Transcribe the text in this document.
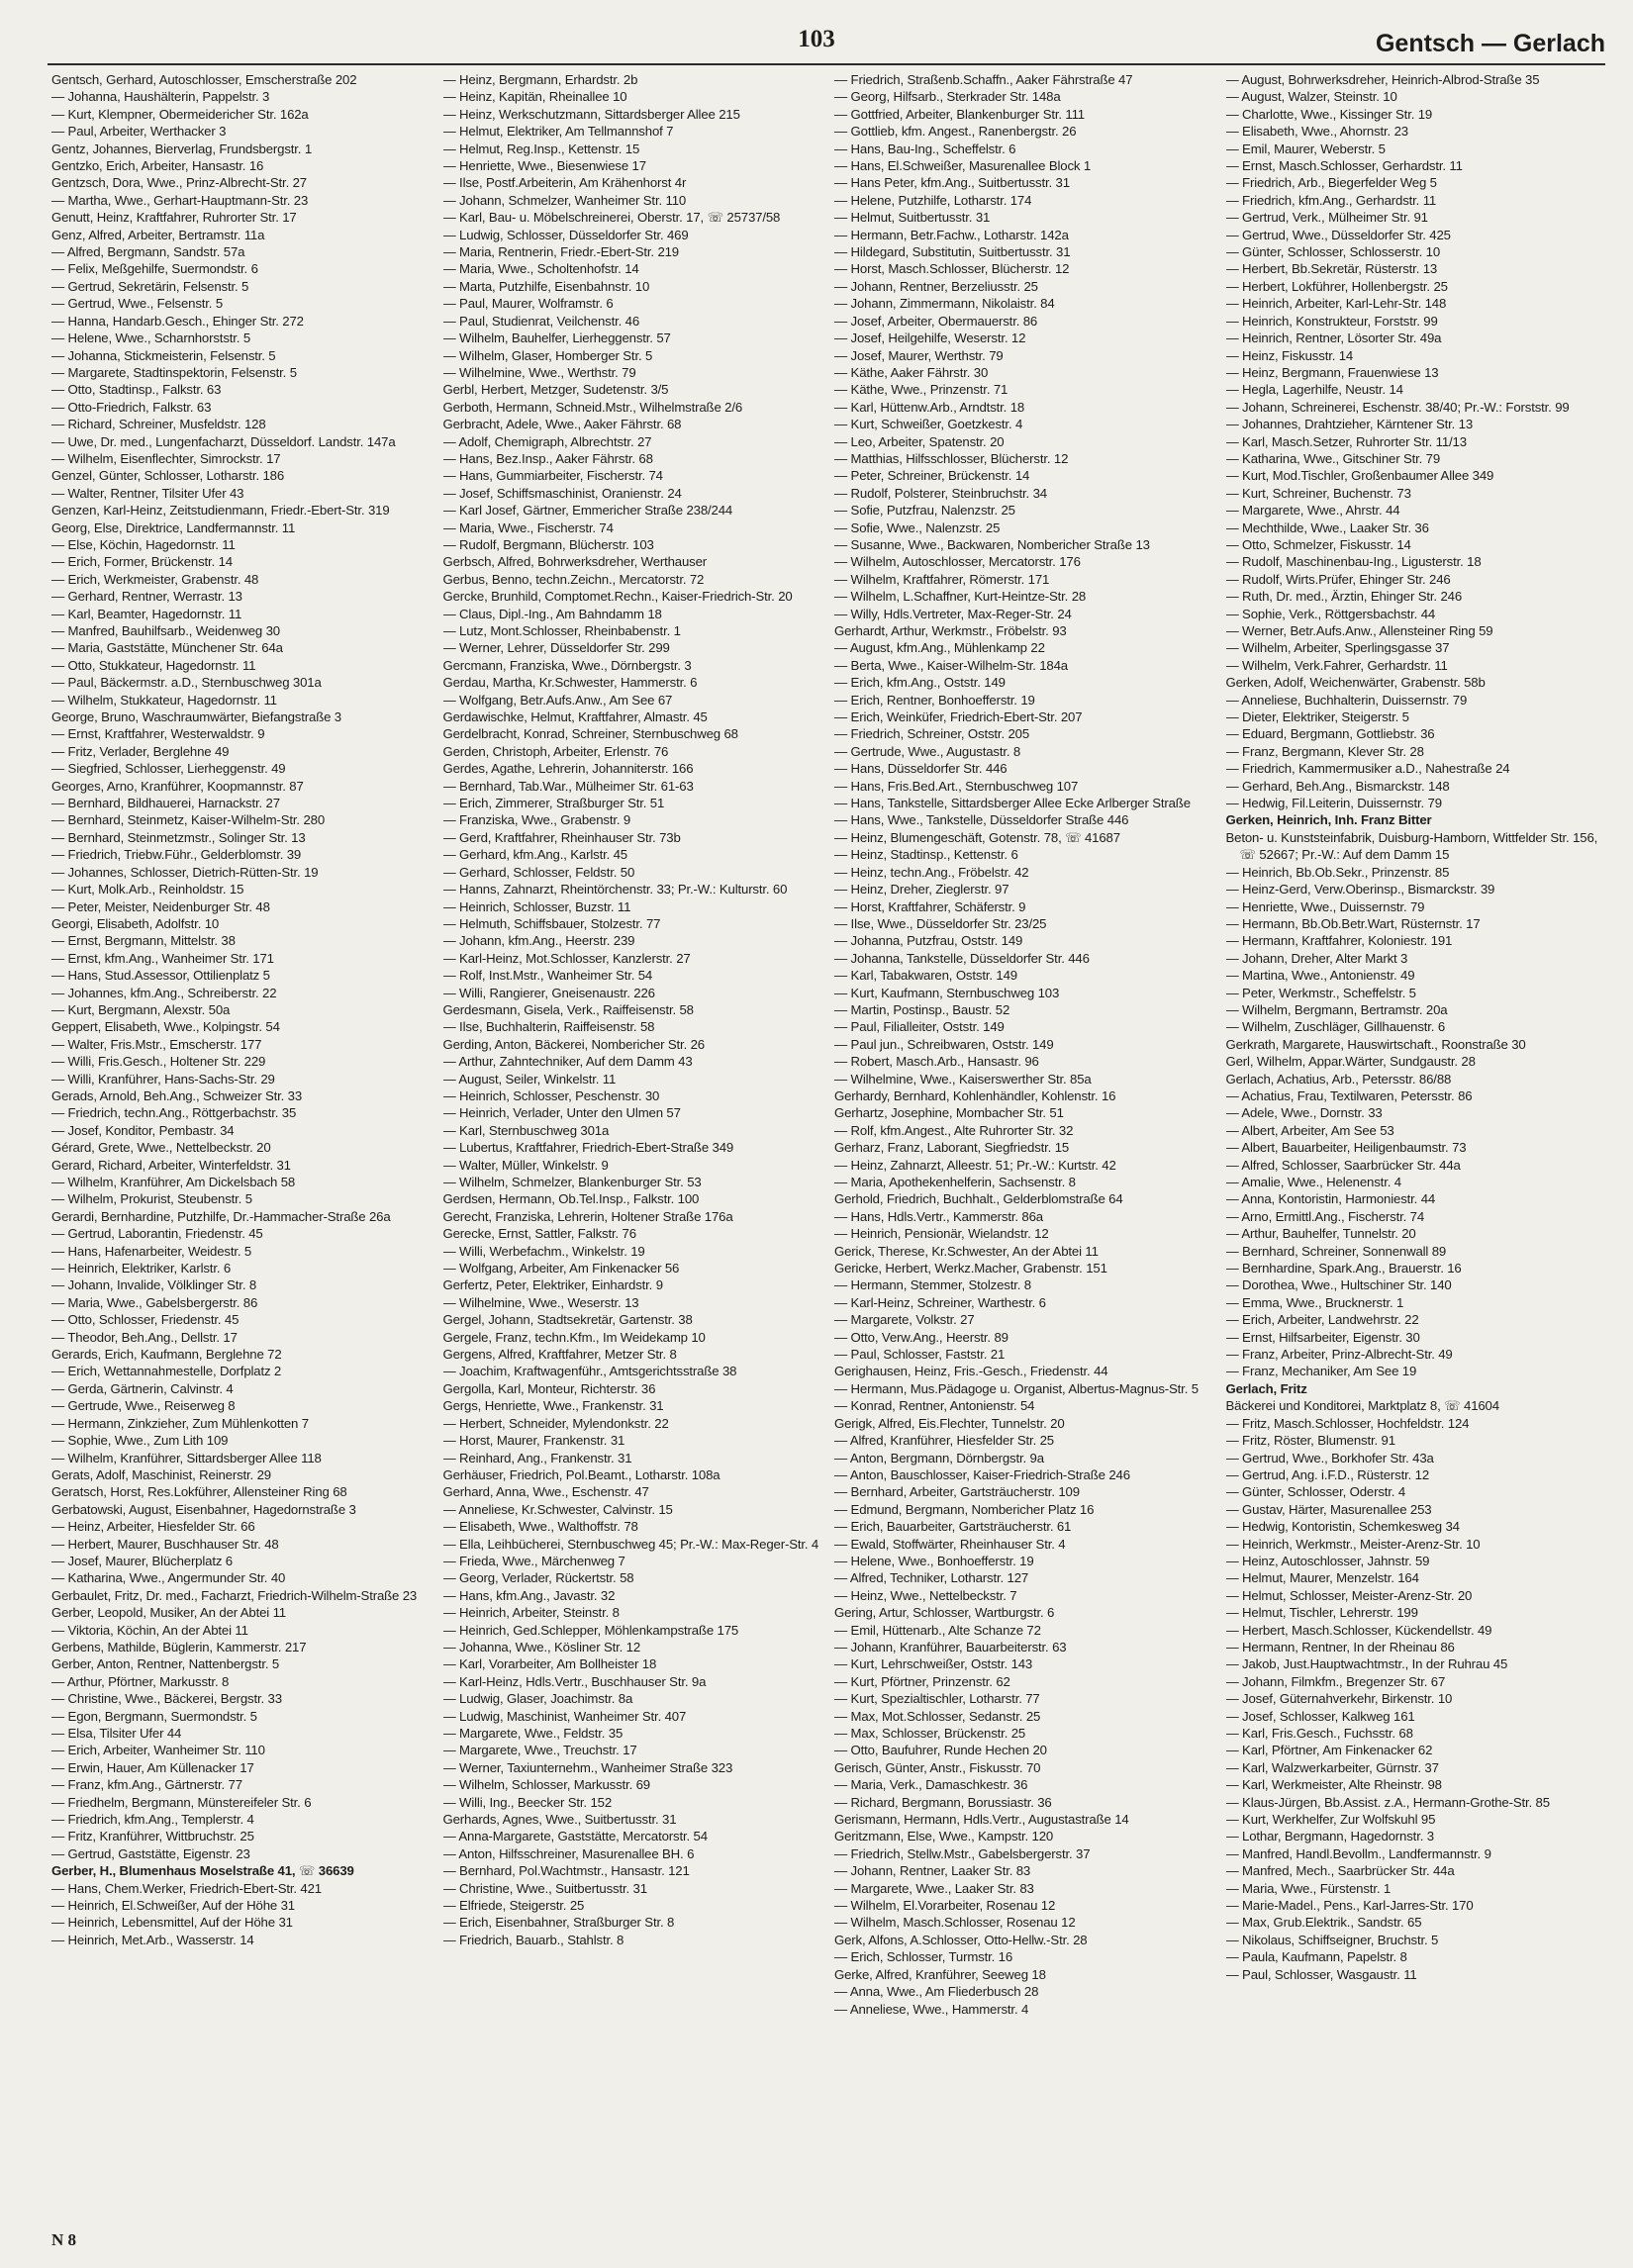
103	Gentsch — Gerlach
Gentsch, Gerhard, Autoschlosser, Emscherstraße 202
— Johanna, Haushälterin, Pappelstr. 3
— Kurt, Klempner, Obermeidericher Str. 162a
— Paul, Arbeiter, Werthacker 3
Gentz, Johannes, Bierverlag, Frundsbergstr. 1
Gentzko, Erich, Arbeiter, Hansastr. 16
Gentzsch, Dora, Wwe., Prinz-Albrecht-Str. 27
— Martha, Wwe., Gerhart-Hauptmann-Str. 23
Genutt, Heinz, Kraftfahrer, Ruhrorter Str. 17
Genz, Alfred, Arbeiter, Bertramstr. 11a
— Alfred, Bergmann, Sandstr. 57a
— Felix, Meßgehilfe, Suermondstr. 6
— Gertrud, Sekretärin, Felsenstr. 5
— Gertrud, Wwe., Felsenstr. 5
— Hanna, Handarb.Gesch., Ehinger Str. 272
— Helene, Wwe., Scharnhorststr. 5
— Johanna, Stickmeisterin, Felsenstr. 5
— Margarete, Stadtinspektorin, Felsenstr. 5
— Otto, Stadtinsp., Falkstr. 63
— Otto-Friedrich, Falkstr. 63
— Richard, Schreiner, Musfeldstr. 128
— Uwe, Dr. med., Lungenfacharzt, Düsseldorf. Landstr. 147a
— Wilhelm, Eisenflechter, Simrockstr. 17
Genzel, Günter, Schlosser, Lotharstr. 186
— Walter, Rentner, Tilsiter Ufer 43
Genzen, Karl-Heinz, Zeitstudienmann, Friedr.-Ebert-Str. 319
Georg, Else, Direktrice, Landfermannstr. 11
— Else, Köchin, Hagedornstr. 11
— Erich, Former, Brückenstr. 14
— Erich, Werkmeister, Grabenstr. 48
— Gerhard, Rentner, Werrastr. 13
— Karl, Beamter, Hagedornstr. 11
— Manfred, Bauhilfsarb., Weidenweg 30
— Maria, Gaststätte, Münchener Str. 64a
— Otto, Stukkateur, Hagedornstr. 11
— Paul, Bäckermstr. a.D., Sternbuschweg 301a
— Wilhelm, Stukkateur, Hagedornstr. 11
George, Bruno, Waschraumwärter, Biefangstraße 3
— Ernst, Kraftfahrer, Westerwaldstr. 9
— Fritz, Verlader, Berglehne 49
— Siegfried, Schlosser, Lierheggenstr. 49
Georges, Arno, Kranführer, Koopmannstr. 87
— Bernhard, Bildhauerei, Harnackstr. 27
— Bernhard, Steinmetz, Kaiser-Wilhelm-Str. 280
— Bernhard, Steinmetzmstr., Solinger Str. 13
— Friedrich, Triebw.Führ., Gelderblomstr. 39
— Johannes, Schlosser, Dietrich-Rütten-Str. 19
— Kurt, Molk.Arb., Reinholdstr. 15
— Peter, Meister, Neidenburger Str. 48
Georgi, Elisabeth, Adolfstr. 10
— Ernst, Bergmann, Mittelstr. 38
— Ernst, kfm.Ang., Wanheimer Str. 171
— Hans, Stud.Assessor, Ottilienplatz 5
— Johannes, kfm.Ang., Schreiberstr. 22
— Kurt, Bergmann, Alexstr. 50a
Geppert, Elisabeth, Wwe., Kolpingstr. 54
— Walter, Fris.Mstr., Emscherstr. 177
— Willi, Fris.Gesch., Holtener Str. 229
— Willi, Kranführer, Hans-Sachs-Str. 29
Gerads, Arnold, Beh.Ang., Schweizer Str. 33
— Friedrich, techn.Ang., Röttgerbachstr. 35
— Josef, Konditor, Pembastr. 34
Gérard, Grete, Wwe., Nettelbeckstr. 20
Gerard, Richard, Arbeiter, Winterfeldstr. 31
— Wilhelm, Kranführer, Am Dickelsbach 58
— Wilhelm, Prokurist, Steubenstr. 5
Gerardi, Bernhardine, Putzhilfe, Dr.-Hammacher-Straße 26a
— Gertrud, Laborantin, Friedenstr. 45
— Hans, Hafenarbeiter, Weidestr. 5
— Heinrich, Elektriker, Karlstr. 6
— Johann, Invalide, Völklinger Str. 8
— Maria, Wwe., Gabelsbergerstr. 86
— Otto, Schlosser, Friedenstr. 45
— Theodor, Beh.Ang., Dellstr. 17
Gerards, Erich, Kaufmann, Berglehne 72
— Erich, Wettannahmestelle, Dorfplatz 2
— Gerda, Gärtnerin, Calvinstr. 4
— Gertrude, Wwe., Reiserweg 8
— Hermann, Zinkzieher, Zum Mühlenkotten 7
— Sophie, Wwe., Zum Lith 109
— Wilhelm, Kranführer, Sittardsberger Allee 118
Gerats, Adolf, Maschinist, Reinerstr. 29
Geratsch, Horst, Res.Lokführer, Allensteiner Ring 68
Gerbatowski, August, Eisenbahner, Hagedornstraße 3
— Heinz, Arbeiter, Hiesfelder Str. 66
— Herbert, Maurer, Buschhauser Str. 48
— Josef, Maurer, Blücherplatz 6
— Katharina, Wwe., Angermunder Str. 40
Gerbaulet, Fritz, Dr. med., Facharzt, Friedrich-Wilhelm-Straße 23
Gerber, Leopold, Musiker, An der Abtei 11
— Viktoria, Köchin, An der Abtei 11
Gerbens, Mathilde, Büglerin, Kammerstr. 217
Gerber, Anton, Rentner, Nattenbergstr. 5
— Arthur, Pförtner, Markusstr. 8
— Christine, Wwe., Bäckerei, Bergstr. 33
— Egon, Bergmann, Suermondstr. 5
— Elsa, Tilsiter Ufer 44
— Erich, Arbeiter, Wanheimer Str. 110
— Erwin, Hauer, Am Küllenacker 17
— Franz, kfm.Ang., Gärtnerstr. 77
— Friedhelm, Bergmann, Münstereifeler Str. 6
— Friedrich, kfm.Ang., Templerstr. 4
— Fritz, Kranführer, Wittbruchstr. 25
— Gertrud, Gaststätte, Eigenstr. 23
Gerber, H., Blumenhaus Moselstraße 41, ☏ 36639
— Hans, Chem.Werker, Friedrich-Ebert-Str. 421
— Heinrich, El.Schweißer, Auf der Höhe 31
— Heinrich, Lebensmittel, Auf der Höhe 31
— Heinrich, Met.Arb., Wasserstr. 14
— Heinz, Bergmann, Erhardstr. 2b
— Heinz, Kapitän, Rheinallee 10
— Heinz, Werkschutzmann, Sittardsberger Allee 215
— Helmut, Elektriker, Am Tellmannshof 7
— Helmut, Reg.Insp., Kettenstr. 15
— Henriette, Wwe., Biesenwiese 17
— Ilse, Postf.Arbeiterin, Am Krähenhorst 4r
— Johann, Schmelzer, Wanheimer Str. 110
— Karl, Bau- u. Möbelschreinerei, Oberstr. 17, ☏ 25737/58
— Ludwig, Schlosser, Düsseldorfer Str. 469
— Maria, Rentnerin, Friedr.-Ebert-Str. 219
— Maria, Wwe., Scholtenhofstr. 14
— Marta, Putzhilfe, Eisenbahnstr. 10
— Paul, Maurer, Wolframstr. 6
— Paul, Studienrat, Veilchenstr. 46
— Wilhelm, Bauhelfer, Lierheggenstr. 57
— Wilhelm, Glaser, Homberger Str. 5
— Wilhelmine, Wwe., Werthstr. 79
Gerbl, Herbert, Metzger, Sudetenstr. 3/5
Gerboth, Hermann, Schneid.Mstr., Wilhelmstraße 2/6
Gerbracht, Adele, Wwe., Aaker Fährstr. 68
— Adolf, Chemigraph, Albrechtstr. 27
— Hans, Bez.Insp., Aaker Fährstr. 68
— Hans, Gummiarbeiter, Fischerstr. 74
— Josef, Schiffsmaschinist, Oranienstr. 24
— Karl Josef, Gärtner, Emmericher Straße 238/244
— Maria, Wwe., Fischerstr. 74
— Rudolf, Bergmann, Blücherstr. 103
Gerbsch, Alfred, Bohrwerksdreher, Werthauser
Gerbus, Benno, techn.Zeichn., Mercatorstr. 72
Gercke, Brunhild, Comptomet.Rechn., Kaiser-Friedrich-Str. 20
— Claus, Dipl.-Ing., Am Bahndamm 18
— Lutz, Mont.Schlosser, Rheinbabenstr. 1
— Werner, Lehrer, Düsseldorfer Str. 299
Gercmann, Franziska, Wwe., Dörnbergstr. 3
Gerdau, Martha, Kr.Schwester, Hammerstr. 6
— Wolfgang, Betr.Aufs.Anw., Am See 67
Gerdawischke, Helmut, Kraftfahrer, Almastr. 45
Gerdelbracht, Konrad, Schreiner, Sternbuschweg 68
Gerden, Christoph, Arbeiter, Erlenstr. 76
Gerdes, Agathe, Lehrerin, Johanniterstr. 166
— Bernhard, Tab.War., Mülheimer Str. 61-63
— Erich, Zimmerer, Straßburger Str. 51
— Franziska, Wwe., Grabenstr. 9
— Gerd, Kraftfahrer, Rheinhauser Str. 73b
— Gerhard, kfm.Ang., Karlstr. 45
— Gerhard, Schlosser, Feldstr. 50
— Hanns, Zahnarzt, Rheintörchenstr. 33; Pr.-W.: Kulturstr. 60
— Heinrich, Schlosser, Buzstr. 11
— Helmuth, Schiffsbauer, Stolzestr. 77
— Johann, kfm.Ang., Heerstr. 239
— Karl-Heinz, Mot.Schlosser, Kanzlerstr. 27
— Rolf, Inst.Mstr., Wanheimer Str. 54
— Willi, Rangierer, Gneisenaustr. 226
Gerdesmann, Gisela, Verk., Raiffeisenstr. 58
— Ilse, Buchhalterin, Raiffeisenstr. 58
Gerding, Anton, Bäckerei, Nombericher Str. 26
— Arthur, Zahntechniker, Auf dem Damm 43
— August, Seiler, Winkelstr. 11
— Heinrich, Schlosser, Peschenstr. 30
— Heinrich, Verlader, Unter den Ulmen 57
— Karl, Sternbuschweg 301a
— Lubertus, Kraftfahrer, Friedrich-Ebert-Straße 349
— Walter, Müller, Winkelstr. 9
— Wilhelm, Schmelzer, Blankenburger Str. 53
Gerdsen, Hermann, Ob.Tel.Insp., Falkstr. 100
Gerecht, Franziska, Lehrerin, Holtener Straße 176a
Gerecke, Ernst, Sattler, Falkstr. 76
— Willi, Werbefachm., Winkelstr. 19
— Wolfgang, Arbeiter, Am Finkenacker 56
Gerfertz, Peter, Elektriker, Einhardstr. 9
— Wilhelmine, Wwe., Weserstr. 13
Gergel, Johann, Stadtsekretär, Gartenstr. 38
Gergele, Franz, techn.Kfm., Im Weidekamp 10
Gergens, Alfred, Kraftfahrer, Metzer Str. 8
— Joachim, Kraftwagenführ., Amtsgerichtsstraße 38
Gergolla, Karl, Monteur, Richterstr. 36
Gergs, Henriette, Wwe., Frankenstr. 31
— Herbert, Schneider, Mylendonkstr. 22
— Horst, Maurer, Frankenstr. 31
— Reinhard, Ang., Frankenstr. 31
Gerhäuser, Friedrich, Pol.Beamt., Lotharstr. 108a
Gerhard, Anna, Wwe., Eschenstr. 47
— Anneliese, Kr.Schwester, Calvinstr. 15
— Elisabeth, Wwe., Walthoffstr. 78
— Ella, Leihbücherei, Sternbuschweg 45; Pr.-W.: Max-Reger-Str. 4
— Frieda, Wwe., Märchenweg 7
— Georg, Verlader, Rückertstr. 58
— Hans, kfm.Ang., Javastr. 32
— Heinrich, Arbeiter, Steinstr. 8
— Heinrich, Ged.Schlepper, Möhlenkampstraße 175
— Johanna, Wwe., Kösliner Str. 12
— Karl, Vorarbeiter, Am Bollheister 18
— Karl-Heinz, Hdls.Vertr., Buschhauser Str. 9a
— Ludwig, Glaser, Joachimstr. 8a
— Ludwig, Maschinist, Wanheimer Str. 407
— Margarete, Wwe., Feldstr. 35
— Margarete, Wwe., Treuchstr. 17
— Werner, Taxiunternehm., Wanheimer Straße 323
— Wilhelm, Schlosser, Markusstr. 69
— Willi, Ing., Beecker Str. 152
Gerhards, Agnes, Wwe., Suitbertusstr. 31
— Anna-Margarete, Gaststätte, Mercatorstr. 54
— Anton, Hilfsschreiner, Masurenallee BH. 6
— Bernhard, Pol.Wachtmstr., Hansastr. 121
— Christine, Wwe., Suitbertusstr. 31
— Elfriede, Steigerstr. 25
— Erich, Eisenbahner, Straßburger Str. 8
— Friedrich, Bauarb., Stahlstr. 8
— Friedrich, Straßenb.Schaffn., Aaker Fährstraße 47
— Georg, Hilfsarb., Sterkrader Str. 148a
— Gottfried, Arbeiter, Blankenburger Str. 111
— Gottlieb, kfm. Angest., Ranenbergstr. 26
— Hans, Bau-Ing., Scheffelstr. 6
— Hans, El.Schweißer, Masurenallee Block 1
— Hans Peter, kfm.Ang., Suitbertusstr. 31
— Helene, Putzhilfe, Lotharstr. 174
— Helmut, Suitbertusstr. 31
— Hermann, Betr.Fachw., Lotharstr. 142a
— Hildegard, Substitutin, Suitbertusstr. 31
— Horst, Masch.Schlosser, Blücherstr. 12
— Johann, Rentner, Berzeliusstr. 25
— Johann, Zimmermann, Nikolaistr. 84
— Josef, Arbeiter, Obermauerstr. 86
— Josef, Heilgehilfe, Weserstr. 12
— Josef, Maurer, Werthstr. 79
— Käthe, Aaker Fährstr. 30
— Käthe, Wwe., Prinzenstr. 71
— Karl, Hüttenw.Arb., Arndtstr. 18
— Kurt, Schweißer, Goetzkestr. 4
— Leo, Arbeiter, Spatenstr. 20
— Matthias, Hilfsschlosser, Blücherstr. 12
— Peter, Schreiner, Brückenstr. 14
— Rudolf, Polsterer, Steinbruchstr. 34
— Sofie, Putzfrau, Nalenzstr. 25
— Sofie, Wwe., Nalenzstr. 25
— Susanne, Wwe., Backwaren, Nombericher Straße 13
— Wilhelm, Autoschlosser, Mercatorstr. 176
— Wilhelm, Kraftfahrer, Römerstr. 171
— Wilhelm, L.Schaffner, Kurt-Heintze-Str. 28
— Willy, Hdls.Vertreter, Max-Reger-Str. 24
Gerhardt, Arthur, Werkmstr., Fröbelstr. 93
— August, kfm.Ang., Mühlenkamp 22
— Berta, Wwe., Kaiser-Wilhelm-Str. 184a
— Erich, kfm.Ang., Oststr. 149
— Erich, Rentner, Bonhoefferstr. 19
— Erich, Weinküfer, Friedrich-Ebert-Str. 207
— Friedrich, Schreiner, Oststr. 205
— Gertrude, Wwe., Augustastr. 8
— Hans, Düsseldorfer Str. 446
— Hans, Fris.Bed.Art., Sternbuschweg 107
— Hans, Tankstelle, Sittardsberger Allee Ecke Arlberger Straße
— Hans, Wwe., Tankstelle, Düsseldorfer Straße 446
— Heinz, Blumengeschäft, Gotenstr. 78, ☏ 41687
— Heinz, Stadtinsp., Kettenstr. 6
— Heinz, techn.Ang., Fröbelstr. 42
— Heinz, Dreher, Zieglerstr. 97
— Horst, Kraftfahrer, Schäferstr. 9
— Ilse, Wwe., Düsseldorfer Str. 23/25
— Johanna, Putzfrau, Oststr. 149
— Johanna, Tankstelle, Düsseldorfer Str. 446
— Karl, Tabakwaren, Oststr. 149
— Kurt, Kaufmann, Sternbuschweg 103
— Martin, Postinsp., Baustr. 52
— Paul, Filialleiter, Oststr. 149
— Paul jun., Schreibwaren, Oststr. 149
— Robert, Masch.Arb., Hansastr. 96
— Wilhelmine, Wwe., Kaiserswerther Str. 85a
Gerhardy, Bernhard, Kohlenhändler, Kohlenstr. 16
Gerhartz, Josephine, Mombacher Str. 51
— Rolf, kfm.Angest., Alte Ruhrorter Str. 32
Gerharz, Franz, Laborant, Siegfriedstr. 15
— Heinz, Zahnarzt, Alleestr. 51; Pr.-W.: Kurtstr. 42
— Maria, Apothekenhelferin, Sachsenstr. 8
Gerhold, Friedrich, Buchhalt., Gelderblomstraße 64
— Hans, Hdls.Vertr., Kammerstr. 86a
— Heinrich, Pensionär, Wielandstr. 12
Gerick, Therese, Kr.Schwester, An der Abtei 11
Gericke, Herbert, Werkz.Macher, Grabenstr. 151
— Hermann, Stemmer, Stolzestr. 8
— Karl-Heinz, Schreiner, Warthestr. 6
— Margarete, Volkstr. 27
— Otto, Verw.Ang., Heerstr. 89
— Paul, Schlosser, Faststr. 21
Gerighausen, Heinz, Fris.-Gesch., Friedenstr. 44
— Hermann, Mus.Pädagoge u. Organist, Albertus-Magnus-Str. 5
— Konrad, Rentner, Antonienstr. 54
Gerigk, Alfred, Eis.Flechter, Tunnelstr. 20
— Alfred, Kranführer, Hiesfelder Str. 25
— Anton, Bergmann, Dörnbergstr. 9a
— Anton, Bauschlosser, Kaiser-Friedrich-Straße 246
— Bernhard, Arbeiter, Gartsträucherstr. 109
— Edmund, Bergmann, Nombericher Platz 16
— Erich, Bauarbeiter, Gartsträucherstr. 61
— Ewald, Stoffwärter, Rheinhauser Str. 4
— Helene, Wwe., Bonhoefferstr. 19
— Alfred, Techniker, Lotharstr. 127
— Heinz, Wwe., Nettelbeckstr. 7
Gering, Artur, Schlosser, Wartburgstr. 6
— Emil, Hüttenarb., Alte Schanze 72
— Johann, Kranführer, Bauarbeiterstr. 63
— Kurt, Lehrschweißer, Oststr. 143
— Kurt, Pförtner, Prinzenstr. 62
— Kurt, Spezialtischler, Lotharstr. 77
— Max, Mot.Schlosser, Sedanstr. 25
— Max, Schlosser, Brückenstr. 25
— Otto, Baufuhrer, Runde Hechen 20
Gerisch, Günter, Anstr., Fiskusstr. 70
— Maria, Verk., Damaschkestr. 36
— Richard, Bergmann, Borussiastr. 36
Gerismann, Hermann, Hdls.Vertr., Augustastraße 14
Geritzmann, Else, Wwe., Kampstr. 120
— Friedrich, Stellw.Mstr., Gabelsbergerstr. 37
— Johann, Rentner, Laaker Str. 83
— Margarete, Wwe., Laaker Str. 83
— Wilhelm, El.Vorarbeiter, Rosenau 12
— Wilhelm, Masch.Schlosser, Rosenau 12
Gerk, Alfons, A.Schlosser, Otto-Hellw.-Str. 28
— Erich, Schlosser, Turmstr. 16
Gerke, Alfred, Kranführer, Seeweg 18
— Anna, Wwe., Am Fliederbusch 28
— Anneliese, Wwe., Hammerstr. 4
— August, Bohrwerksdreher, Heinrich-Albrod-Straße 35
— August, Walzer, Steinstr. 10
— Charlotte, Wwe., Kissinger Str. 19
— Elisabeth, Wwe., Ahornstr. 23
— Emil, Maurer, Weberstr. 5
— Ernst, Masch.Schlosser, Gerhardstr. 11
— Friedrich, Arb., Biegerfelder Weg 5
— Friedrich, kfm.Ang., Gerhardstr. 11
— Gertrud, Verk., Mülheimer Str. 91
— Gertrud, Wwe., Düsseldorfer Str. 425
— Günter, Schlosser, Schlosserstr. 10
— Herbert, Bb.Sekretär, Rüsterstr. 13
— Herbert, Lokführer, Hollenbergstr. 25
— Heinrich, Arbeiter, Karl-Lehr-Str. 148
— Heinrich, Konstrukteur, Forststr. 99
— Heinrich, Rentner, Lösorter Str. 49a
— Heinz, Fiskusstr. 14
— Heinz, Bergmann, Frauenwiese 13
— Hegla, Lagerhilfe, Neustr. 14
— Johann, Schreinerei, Eschenstr. 38/40; Pr.-W.: Forststr. 99
— Johannes, Drahtzieher, Kärntener Str. 13
— Karl, Masch.Setzer, Ruhrorter Str. 11/13
— Katharina, Wwe., Gitschiner Str. 79
— Kurt, Mod.Tischler, Großenbaumer Allee 349
— Kurt, Schreiner, Buchenstr. 73
— Margarete, Wwe., Ahrstr. 44
— Mechthilde, Wwe., Laaker Str. 36
— Otto, Schmelzer, Fiskusstr. 14
— Rudolf, Maschinenbau-Ing., Ligusterstr. 18
— Rudolf, Wirts.Prüfer, Ehinger Str. 246
— Ruth, Dr. med., Ärztin, Ehinger Str. 246
— Sophie, Verk., Röttgersbachstr. 44
— Werner, Betr.Aufs.Anw., Allensteiner Ring 59
— Wilhelm, Arbeiter, Sperlingsgasse 37
— Wilhelm, Verk.Fahrer, Gerhardstr. 11
Gerken, Adolf, Weichenwärter, Grabenstr. 58b
— Anneliese, Buchhalterin, Duissernstr. 79
— Dieter, Elektriker, Steigerstr. 5
— Eduard, Bergmann, Gottliebstr. 36
— Franz, Bergmann, Klever Str. 28
— Friedrich, Kammermusiker a.D., Nahestraße 24
— Gerhard, Beh.Ang., Bismarckstr. 148
— Hedwig, Fil.Leiterin, Duissernstr. 79
Gerken, Heinrich, Inh. Franz Bitter
Beton- u. Kunststeinfabrik, Duisburg-Hamborn, Wittfelder Str. 156, ☏ 52667; Pr.-W.: Auf dem Damm 15
— Heinrich, Bb.Ob.Sekr., Prinzenstr. 85
— Heinz-Gerd, Verw.Oberinsp., Bismarckstr. 39
— Henriette, Wwe., Duissernstr. 79
— Hermann, Bb.Ob.Betr.Wart, Rüsternstr. 17
— Hermann, Kraftfahrer, Koloniestr. 191
— Johann, Dreher, Alter Markt 3
— Martina, Wwe., Antonienstr. 49
— Peter, Werkmstr., Scheffelstr. 5
— Wilhelm, Bergmann, Bertramstr. 20a
— Wilhelm, Zuschläger, Gillhauenstr. 6
Gerkrath, Margarete, Hauswirtschaft., Roonstraße 30
Gerl, Wilhelm, Appar.Wärter, Sundgaustr. 28
Gerlach, Achatius, Arb., Petersstr. 86/88
— Achatius, Frau, Textilwaren, Petersstr. 86
— Adele, Wwe., Dornstr. 33
— Albert, Arbeiter, Am See 53
— Albert, Bauarbeiter, Heiligenbaumstr. 73
— Alfred, Schlosser, Saarbrücker Str. 44a
— Amalie, Wwe., Helenenstr. 4
— Anna, Kontoristin, Harmoniestr. 44
— Arno, Ermittl.Ang., Fischerstr. 74
— Arthur, Bauhelfer, Tunnelstr. 20
— Bernhard, Schreiner, Sonnenwall 89
— Bernhardine, Spark.Ang., Brauerstr. 16
— Dorothea, Wwe., Hultschiner Str. 140
— Emma, Wwe., Brucknerstr. 1
— Erich, Arbeiter, Landwehrstr. 22
— Ernst, Hilfsarbeiter, Eigenstr. 30
— Franz, Arbeiter, Prinz-Albrecht-Str. 49
— Franz, Mechaniker, Am See 19
Gerlach, Fritz
Bäckerei und Konditorei, Marktplatz 8, ☏ 41604
— Fritz, Masch.Schlosser, Hochfeldstr. 124
— Fritz, Röster, Blumenstr. 91
— Gertrud, Wwe., Borkhofer Str. 43a
— Gertrud, Ang. i.F.D., Rüsterstr. 12
— Günter, Schlosser, Oderstr. 4
— Gustav, Härter, Masurenallee 253
— Hedwig, Kontoristin, Schemkesweg 34
— Heinrich, Werkmstr., Meister-Arenz-Str. 10
— Heinz, Autoschlosser, Jahnstr. 59
— Helmut, Maurer, Menzelstr. 164
— Helmut, Schlosser, Meister-Arenz-Str. 20
— Helmut, Tischler, Lehrerstr. 199
— Herbert, Masch.Schlosser, Kückendellstr. 49
— Hermann, Rentner, In der Rheinau 86
— Jakob, Just.Hauptwachtmstr., In der Ruhrau 45
— Johann, Filmkfm., Bregenzer Str. 67
— Josef, Güternahverkehr, Birkenstr. 10
— Josef, Schlosser, Kalkweg 161
— Karl, Fris.Gesch., Fuchsstr. 68
— Karl, Pförtner, Am Finkenacker 62
— Karl, Walzwerkarbeiter, Gürnstr. 37
— Karl, Werkmeister, Alte Rheinstr. 98
— Klaus-Jürgen, Bb.Assist. z.A., Hermann-Grothe-Str. 85
— Kurt, Werkhelfer, Zur Wolfskuhl 95
— Lothar, Bergmann, Hagedornstr. 3
— Manfred, Handl.Bevollm., Landfermannstr. 9
— Manfred, Mech., Saarbrücker Str. 44a
— Maria, Wwe., Fürstenstr. 1
— Marie-Madel., Pens., Karl-Jarres-Str. 170
— Max, Grub.Elektrik., Sandstr. 65
— Nikolaus, Schiffseigner, Bruchstr. 5
— Paula, Kaufmann, Papelstr. 8
— Paul, Schlosser, Wasgaustr. 11
N 8
